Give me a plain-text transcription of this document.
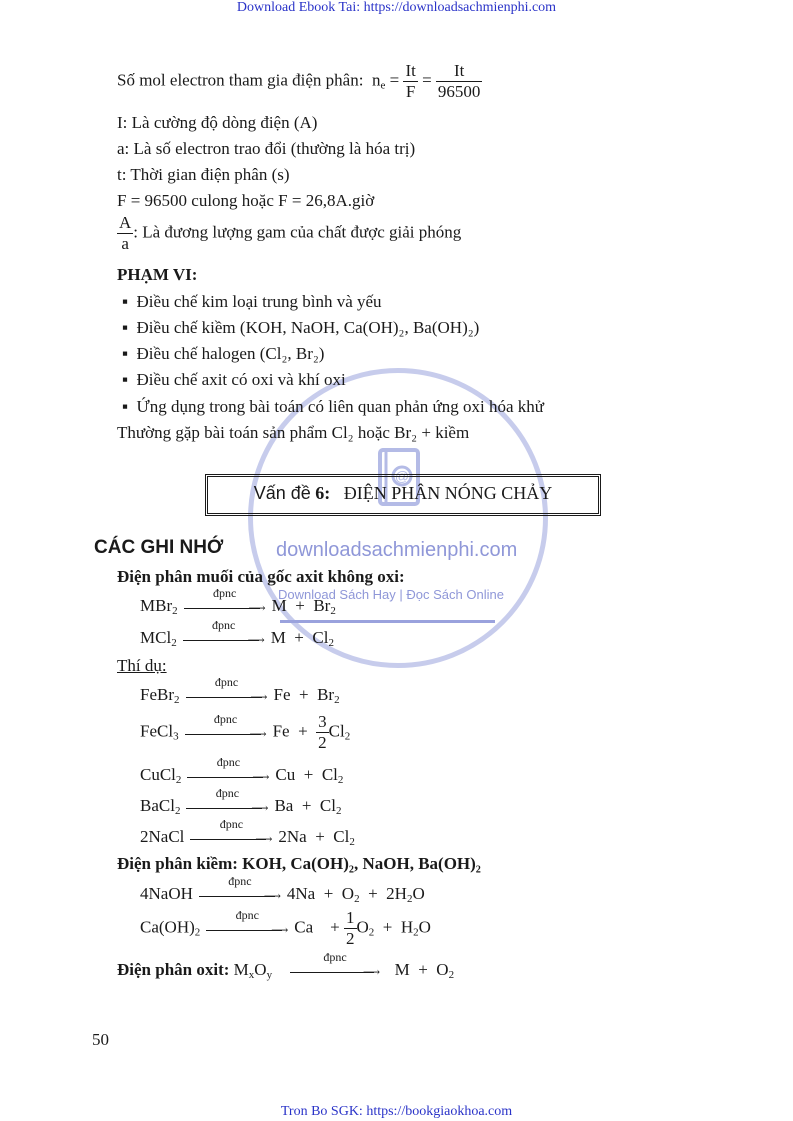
Download Ebook Tai: https://downloadsachmienphi.com
@
downloadsachmienphi.com
Download Sách Hay | Đọc Sách Online
Số mol electron tham gia điện phân: $n_e = \frac{It}{F} = \frac{It}{96500}$
I: Là cường độ dòng điện (A)
a: Là số electron trao đổi (thường là hóa trị)
t: Thời gian điện phân (s)
F = 96500 culong hoặc F = 26,8A.giờ
$\frac{A}{a}$ : Là đương lượng gam của chất được giải phóng
PHẠM VI:
▪  Điều chế kim loại trung bình và yếu
▪  Điều chế kiềm (KOH, NaOH, Ca(OH)₂, Ba(OH)₂)
▪  Điều chế halogen (Cl₂, Br₂)
▪  Điều chế axit có oxi và khí oxi
▪  Ứng dụng trong bài toán có liên quan phản ứng oxi hóa khử
Thường gặp bài toán sản phẩm Cl₂ hoặc Br₂ + kiềm
Vấn đề 6: ĐIỆN PHÂN NÓNG CHẢY
CÁC GHI NHỚ
Điện phân muối của gốc axit không oxi:
MBr$_2$
đpnc
⟶ $M + Br_2$
MCl$_2$
đpnc
⟶ $M + Cl_2$
Thí dụ:
FeBr$_2$
đpnc
⟶ $Fe + Br_2$
FeCl$_3$
đpnc
⟶ $Fe + \frac{3}{2} Cl_2$
CuCl$_2$
đpnc
⟶ $Cu + Cl_2$
BaCl$_2$
đpnc
⟶ $Ba + Cl_2$
2NaCl
đpnc
⟶ $2Na + Cl_2$
Điện phân kiềm: KOH, Ca(OH)₂, NaOH, Ba(OH)₂
4NaOH
đpnc
⟶ $4Na + O_2 + 2H_2O$
$Ca(OH)_2$
đpnc
⟶ Ca    + $\frac{1}{2} O_2 + H_2O$
Điện phân oxit: $M_xO_y$
đpnc
⟶ $M + O_2$
50
Tron Bo SGK: https://bookgiaokhoa.com
